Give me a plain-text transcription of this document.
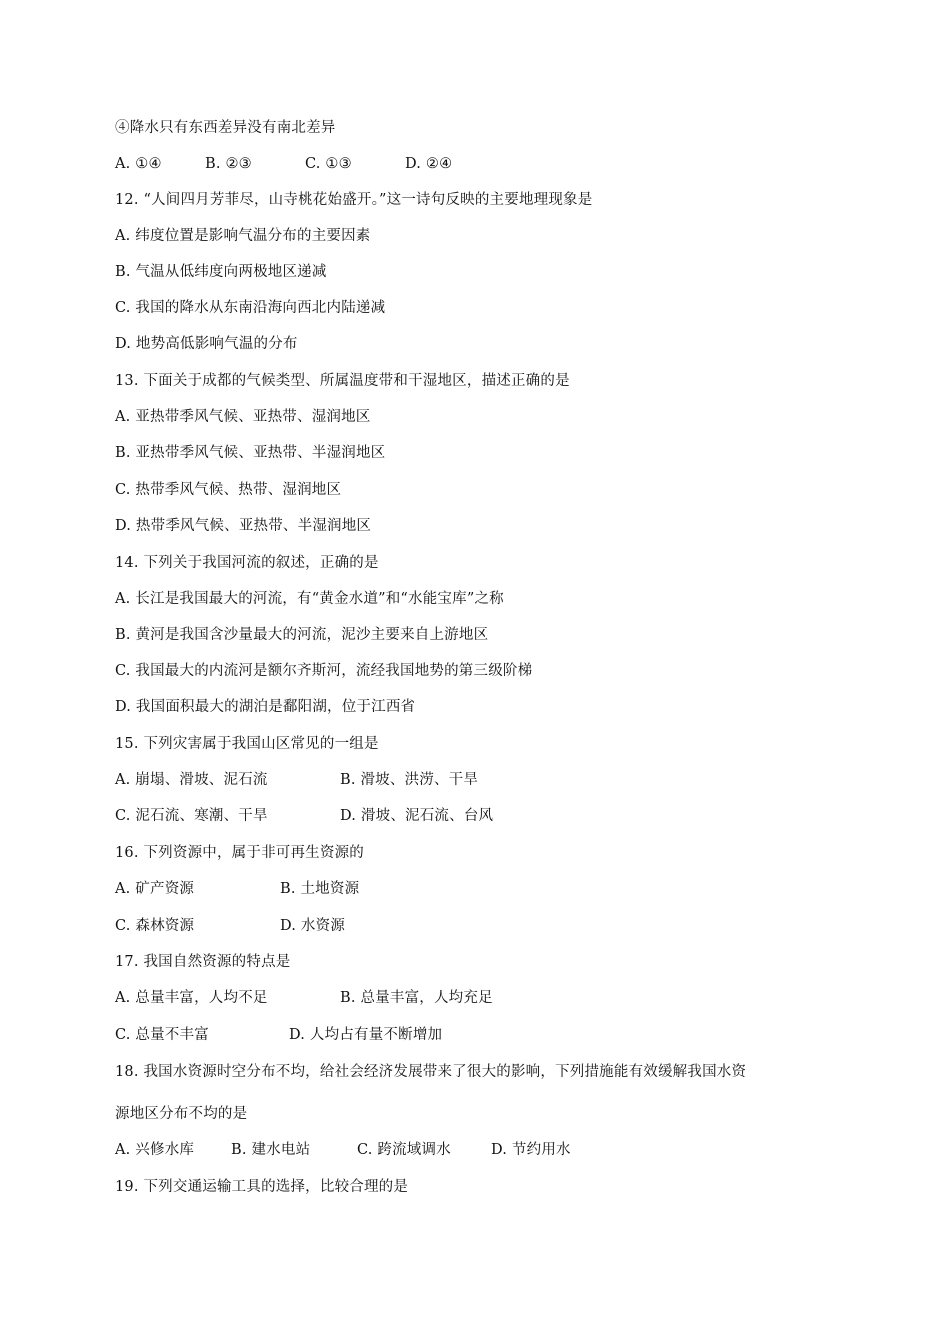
④降水只有东西差异没有南北差异
A. ①④	B. ②③	C. ①③	D. ②④
12. “人间四月芳菲尽，山寺桃花始盛开。”这一诗句反映的主要地理现象是
A. 纬度位置是影响气温分布的主要因素
B. 气温从低纬度向两极地区递减
C. 我国的降水从东南沿海向西北内陆递减
D. 地势高低影响气温的分布
13. 下面关于成都的气候类型、所属温度带和干湿地区，描述正确的是
A. 亚热带季风气候、亚热带、湿润地区
B. 亚热带季风气候、亚热带、半湿润地区
C. 热带季风气候、热带、湿润地区
D. 热带季风气候、亚热带、半湿润地区
14. 下列关于我国河流的叙述，正确的是
A. 长江是我国最大的河流，有“黄金水道”和“水能宝库”之称
B. 黄河是我国含沙量最大的河流，泥沙主要来自上游地区
C. 我国最大的内流河是额尔齐斯河，流经我国地势的第三级阶梯
D. 我国面积最大的湖泊是鄱阳湖，位于江西省
15. 下列灾害属于我国山区常见的一组是
A. 崩塌、滑坡、泥石流	B. 滑坡、洪涝、干旱
C. 泥石流、寒潮、干旱	D. 滑坡、泥石流、台风
16. 下列资源中，属于非可再生资源的
A. 矿产资源	B. 土地资源
C. 森林资源	D. 水资源
17. 我国自然资源的特点是
A. 总量丰富，人均不足	B. 总量丰富，人均充足
C. 总量不丰富	D. 人均占有量不断增加
18. 我国水资源时空分布不均，给社会经济发展带来了很大的影响，下列措施能有效缓解我国水资
源地区分布不均的是
A. 兴修水库	B. 建水电站	C. 跨流域调水	D. 节约用水
19. 下列交通运输工具的选择，比较合理的是
